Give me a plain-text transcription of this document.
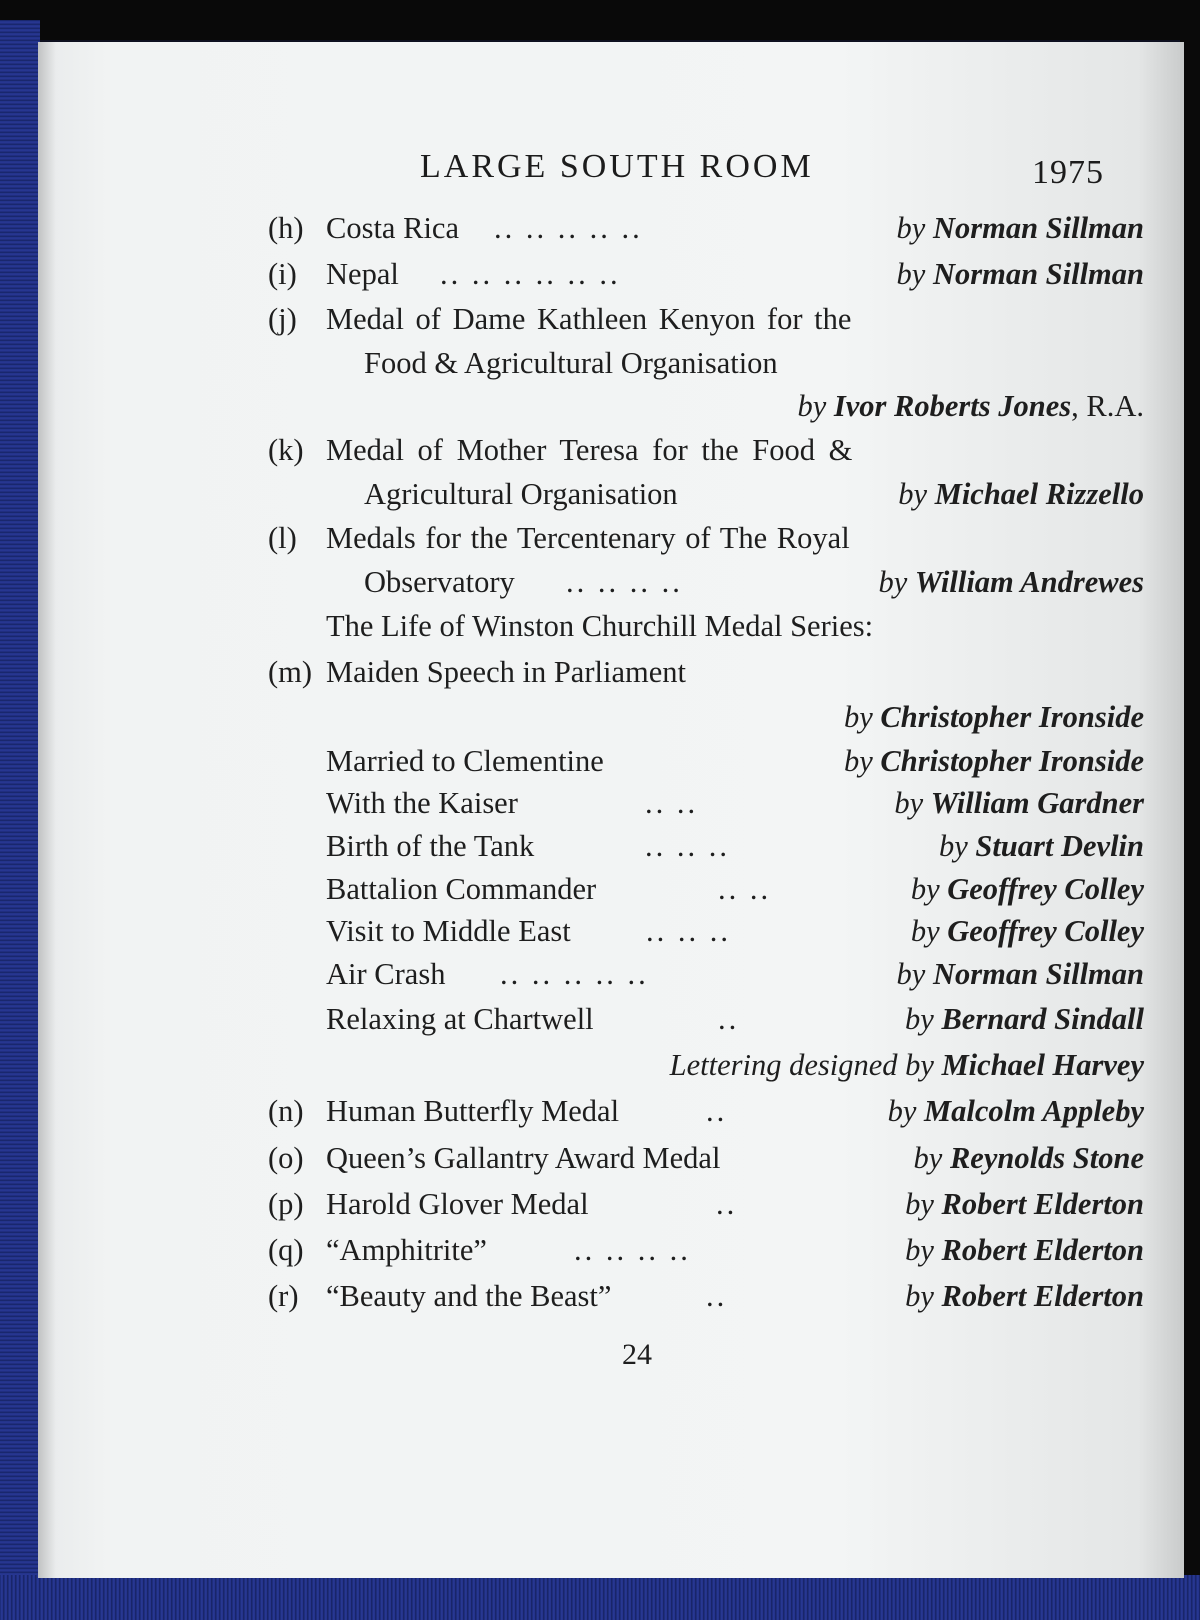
LARGE SOUTH ROOM	1975
(h) Costa Rica .. .. .. .. ..	by Norman Sillman
(i) Nepal .. .. .. .. .. ..	by Norman Sillman
(j) Medal of Dame Kathleen Kenyon for the
Food & Agricultural Organisation
by Ivor Roberts Jones, R.A.
(k) Medal of Mother Teresa for the Food &
Agricultural Organisation	by Michael Rizzello
(l) Medals for the Tercentenary of The Royal
Observatory .. .. .. ..	by William Andrewes
The Life of Winston Churchill Medal Series:
(m) Maiden Speech in Parliament
by Christopher Ironside
Married to Clementine	by Christopher Ironside
With the Kaiser	.. ..	by William Gardner
Birth of the Tank	.. .. ..	by Stuart Devlin
Battalion Commander	.. ..	by Geoffrey Colley
Visit to Middle East .. .. ..	by Geoffrey Colley
Air Crash .. .. .. .. ..	by Norman Sillman
Relaxing at Chartwell	..	by Bernard Sindall
Lettering designed by Michael Harvey
(n) Human Butterfly Medal	..	by Malcolm Appleby
(o) Queen’s Gallantry Award Medal	by Reynolds Stone
(p) Harold Glover Medal	..	by Robert Elderton
(q) “Amphitrite”	.. .. .. ..	by Robert Elderton
(r) “Beauty and the Beast”	..	by Robert Elderton
24
